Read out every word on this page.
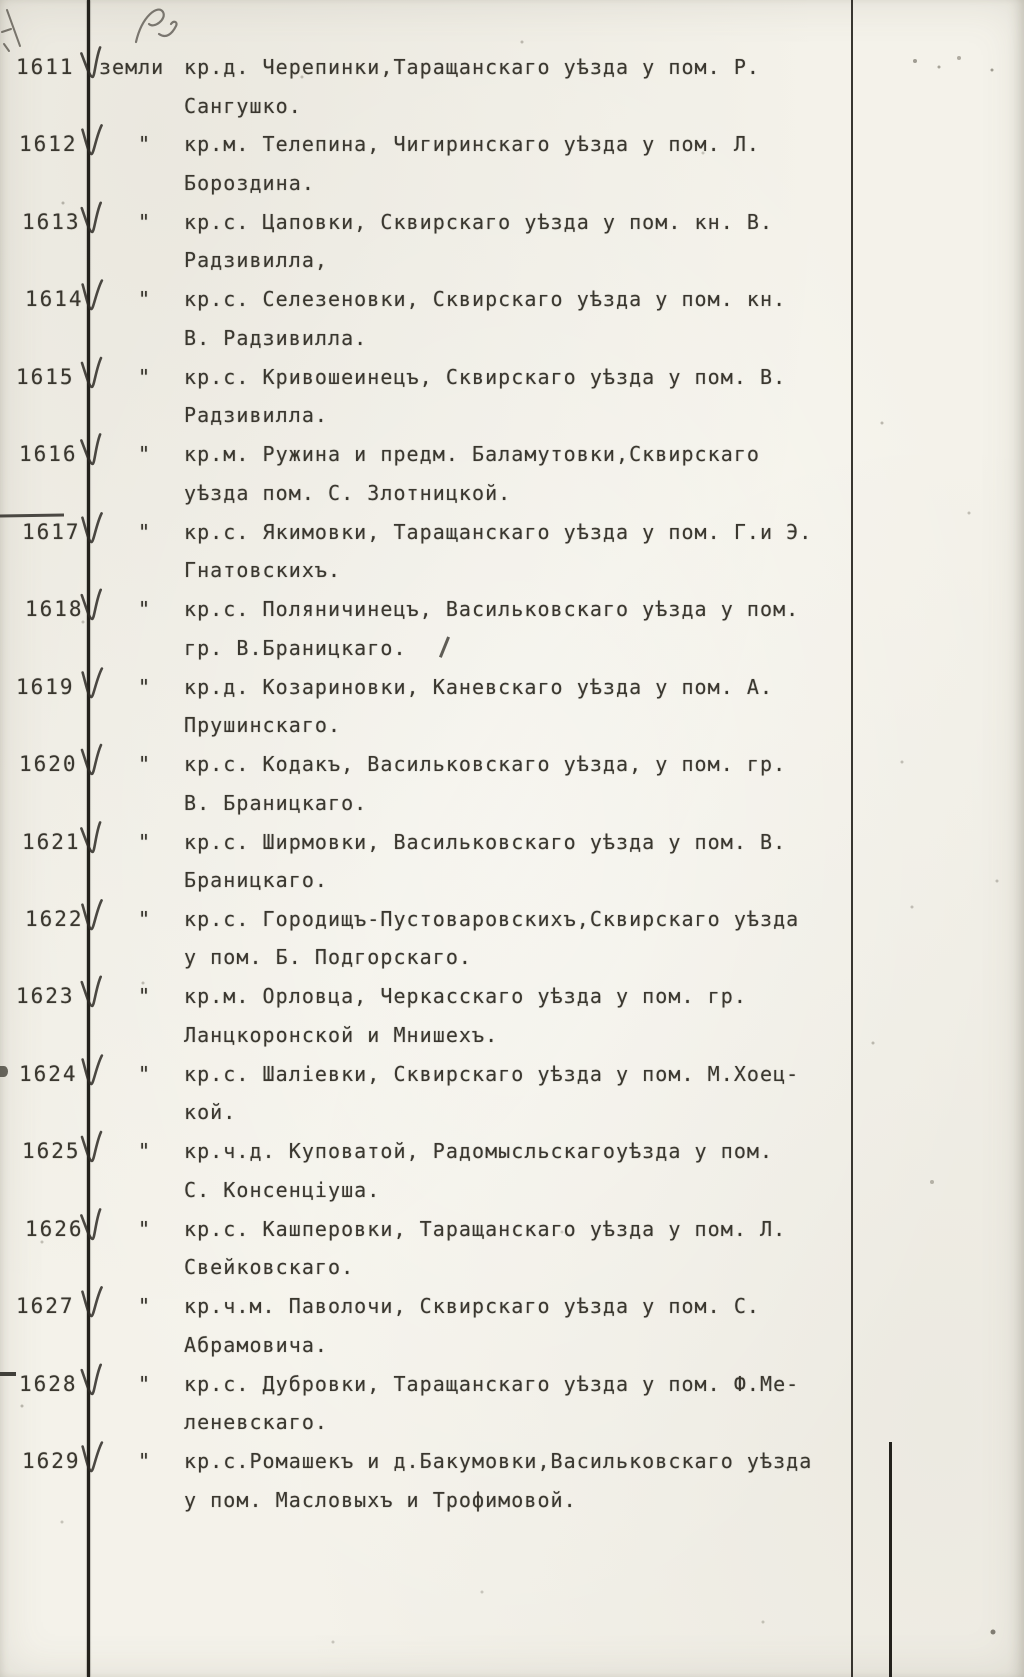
1611 земли кр.д. Черепинки,Таращанскаго уѣзда у пом. Р.
Сангушко.
1612	" кр.м. Телепина, Чигиринскаго уѣзда у пом. Л.
Бороздина.
1613	" кр.с. Цаповки, Сквирскаго уѣзда у пом. кн. В.
Радзивилла,
1614	" кр.с. Селезеновки, Сквирскаго уѣзда у пом. кн.
В. Радзивилла.
1615	" кр.с. Кривошеинецъ, Сквирскаго уѣзда у пом. В.
Радзивилла.
1616	" кр.м. Ружина и предм. Баламутовки,Сквирскаго
уѣзда пом. С. Злотницкой.
1617	" кр.с. Якимовки, Таращанскаго уѣзда у пом. Г.и Э.
Гнатовскихъ.
1618	" кр.с. Поляничинецъ, Васильковскаго уѣзда у пом.
гр. В.Браницкаго.
1619	" кр.д. Козариновки, Каневскаго уѣзда у пом. А.
Прушинскаго.
1620	" кр.с. Кодакъ, Васильковскаго уѣзда, у пом. гр.
В. Браницкаго.
1621	" кр.с. Ширмовки, Васильковскаго уѣзда у пом. В.
Браницкаго.
1622	" кр.с. Городищъ-Пустоваровскихъ,Сквирскаго уѣзда
у пом. Б. Подгорскаго.
1623	" кр.м. Орловца, Черкасскаго уѣзда у пом. гр.
Ланцкоронской и Мнишехъ.
1624	" кр.с. Шаліевки, Сквирскаго уѣзда у пом. М.Хоец-
кой.
1625	" кр.ч.д. Куповатой, Радомысльскагоуѣзда у пом.
С. Консенціуша.
1626	" кр.с. Кашперовки, Таращанскаго уѣзда у пом. Л.
Свейковскаго.
1627	" кр.ч.м. Паволочи, Сквирскаго уѣзда у пом. С.
Абрамовича.
1628	" кр.с. Дубровки, Таращанскаго уѣзда у пом. Ф.Ме-
леневскаго.
1629	" кр.с.Ромашекъ и д.Бакумовки,Васильковскаго уѣзда
у пом. Масловыхъ и Трофимовой.
